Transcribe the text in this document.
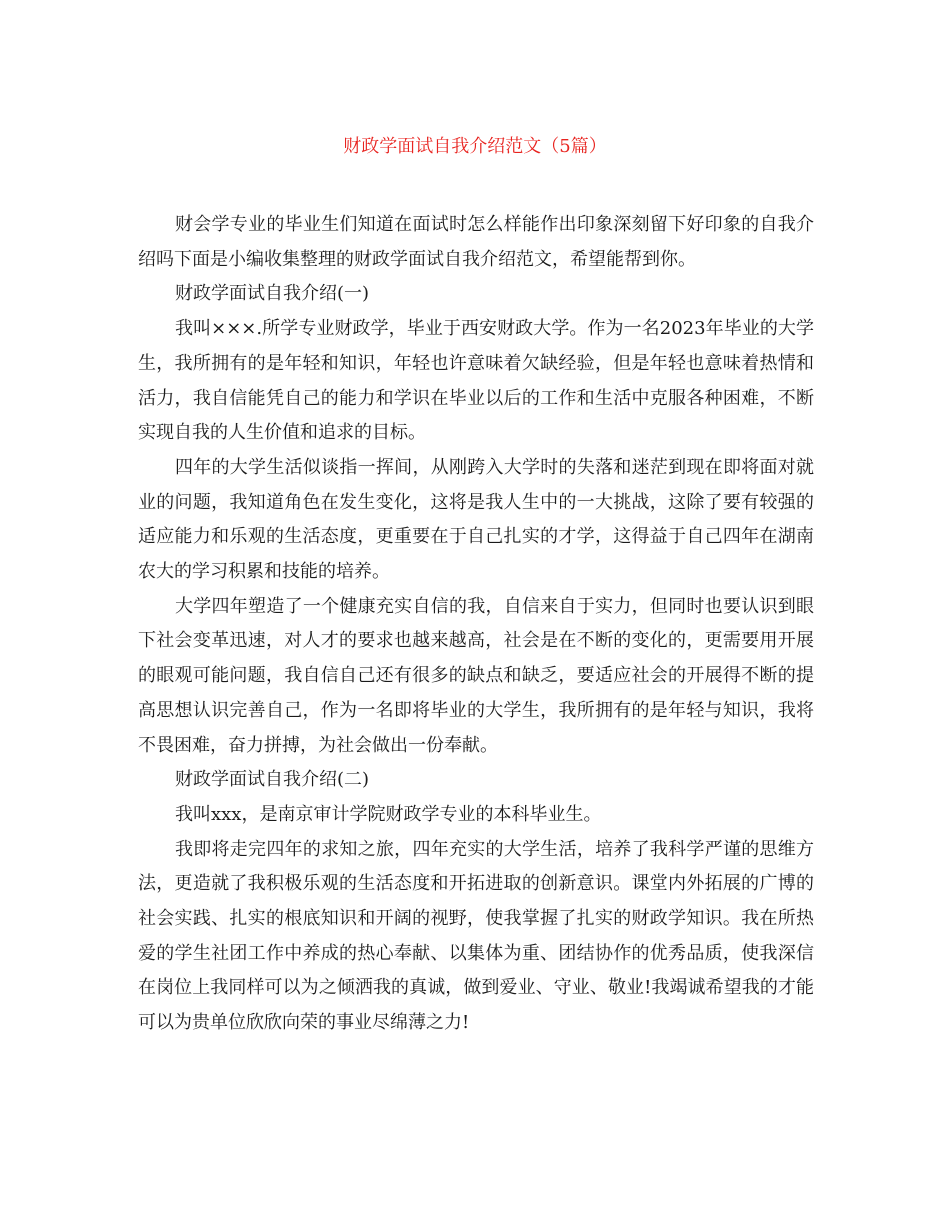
财政学面试自我介绍范文（5篇）

财会学专业的毕业生们知道在面试时怎么样能作出印象深刻留下好印象的自我介绍吗下面是小编收集整理的财政学面试自我介绍范文，希望能帮到你。

财政学面试自我介绍(一)

我叫×××.所学专业财政学，毕业于西安财政大学。作为一名2023年毕业的大学生，我所拥有的是年轻和知识，年轻也许意味着欠缺经验，但是年轻也意味着热情和活力，我自信能凭自己的能力和学识在毕业以后的工作和生活中克服各种困难，不断实现自我的人生价值和追求的目标。

四年的大学生活似谈指一挥间，从刚跨入大学时的失落和迷茫到现在即将面对就业的问题，我知道角色在发生变化，这将是我人生中的一大挑战，这除了要有较强的适应能力和乐观的生活态度，更重要在于自己扎实的才学，这得益于自己四年在湖南农大的学习积累和技能的培养。

大学四年塑造了一个健康充实自信的我，自信来自于实力，但同时也要认识到眼下社会变革迅速，对人才的要求也越来越高，社会是在不断的变化的，更需要用开展的眼观可能问题，我自信自己还有很多的缺点和缺乏，要适应社会的开展得不断的提高思想认识完善自己，作为一名即将毕业的大学生，我所拥有的是年轻与知识，我将不畏困难，奋力拼搏，为社会做出一份奉献。

财政学面试自我介绍(二)

我叫xxx，是南京审计学院财政学专业的本科毕业生。

我即将走完四年的求知之旅，四年充实的大学生活，培养了我科学严谨的思维方法，更造就了我积极乐观的生活态度和开拓进取的创新意识。课堂内外拓展的广博的社会实践、扎实的根底知识和开阔的视野，使我掌握了扎实的财政学知识。我在所热爱的学生社团工作中养成的热心奉献、以集体为重、团结协作的优秀品质，使我深信在岗位上我同样可以为之倾洒我的真诚，做到爱业、守业、敬业!我竭诚希望我的才能可以为贵单位欣欣向荣的事业尽绵薄之力!
